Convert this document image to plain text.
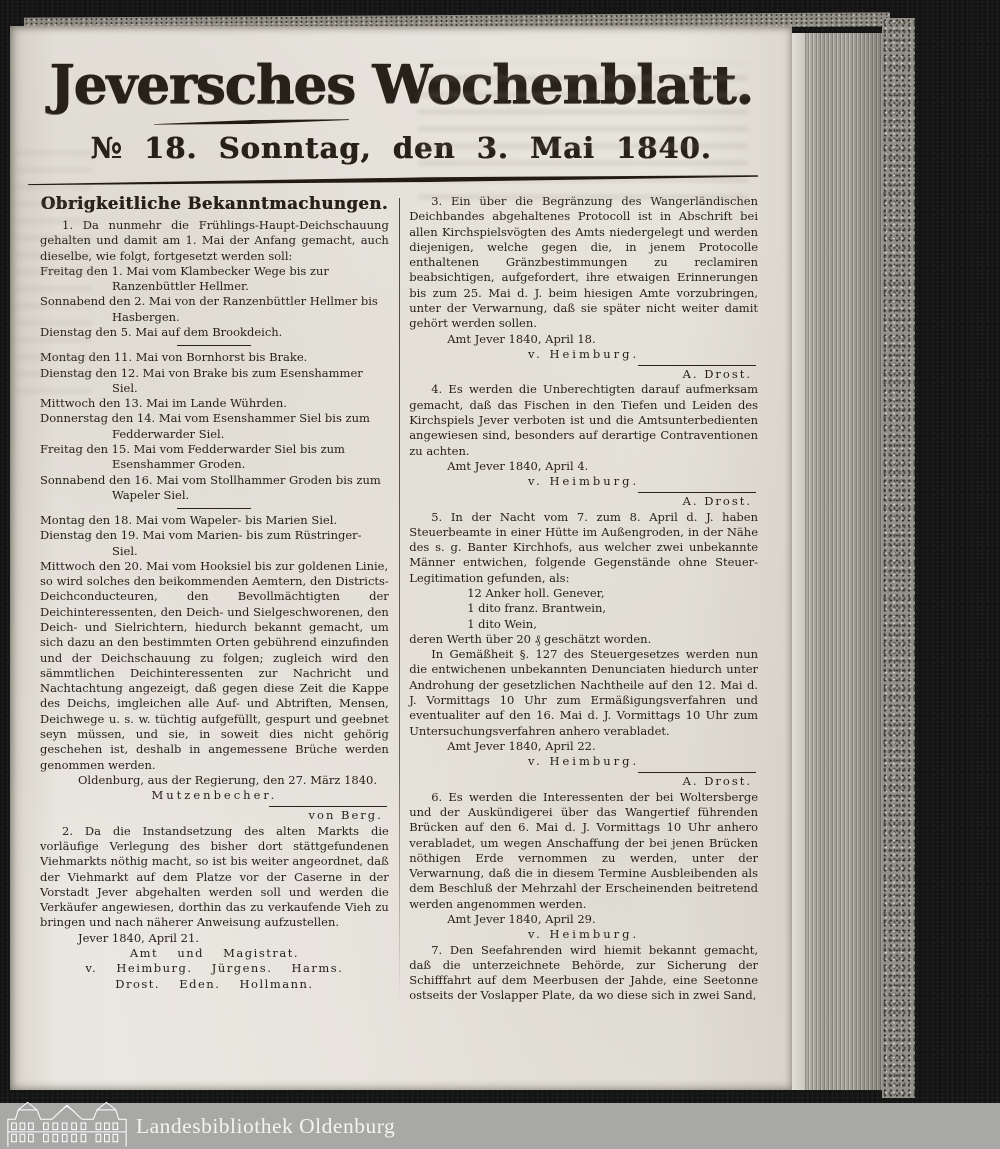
Jeversches Wochenblatt.
№ 18. Sonntag, den 3. Mai 1840.
Obrigkeitliche Bekanntmachungen.

1. Da nunmehr die Frühlings-Haupt-Deichschauung gehalten und damit am 1. Mai der Anfang gemacht, auch dieselbe, wie folgt, fortgesetzt werden soll:

Freitag den 1. Mai vom Klambecker Wege bis zur Ranzenbüttler Hellmer.

Sonnabend den 2. Mai von der Ranzenbüttler Hellmer bis Hasbergen.

Dienstag den 5. Mai auf dem Brookdeich.

Montag den 11. Mai von Bornhorst bis Brake.

Dienstag den 12. Mai von Brake bis zum Esenshammer Siel.

Mittwoch den 13. Mai im Lande Wührden.

Donnerstag den 14. Mai vom Esenshammer Siel bis zum Fedderwarder Siel.

Freitag den 15. Mai vom Fedderwarder Siel bis zum Esenshammer Groden.

Sonnabend den 16. Mai vom Stollhammer Groden bis zum Wapeler Siel.

Montag den 18. Mai vom Wapeler- bis Marien Siel.

Dienstag den 19. Mai vom Marien- bis zum Rüstringer- Siel.

Mittwoch den 20. Mai vom Hooksiel bis zur goldenen Linie,

so wird solches den beikommenden Aemtern, den Districts-Deichconducteuren, den Bevollmächtigten der Deichinteressenten, den Deich- und Sielgeschworenen, den Deich- und Sielrichtern, hiedurch bekannt gemacht, um sich dazu an den bestimmten Orten gebührend einzufinden und der Deichschauung zu folgen; zugleich wird den sämmtlichen Deichinteressenten zur Nachricht und Nachtachtung angezeigt, daß gegen diese Zeit die Kappe des Deichs, imgleichen alle Auf- und Abtriften, Mensen, Deichwege u. s. w. tüchtig aufgefüllt, gespurt und geebnet seyn müssen, und sie, in soweit dies nicht gehörig geschehen ist, deshalb in angemessene Brüche werden genommen werden.

Oldenburg, aus der Regierung, den 27. März 1840.

Mutzenbecher.

von Berg.

2. Da die Instandsetzung des alten Markts die vorläufige Verlegung des bisher dort stättgefundenen Viehmarkts nöthig macht, so ist bis weiter angeordnet, daß der Viehmarkt auf dem Platze vor der Caserne in der Vorstadt Jever abgehalten werden soll und werden die Verkäufer angewiesen, dorthin das zu verkaufende Vieh zu bringen und nach näherer Anweisung aufzustellen.

Jever 1840, April 21.

Amt und Magistrat.

v. Heimburg. Jürgens. Harms.

Drost. Eden. Hollmann.

3. Ein über die Begränzung des Wangerländischen Deichbandes abgehaltenes Protocoll ist in Abschrift bei allen Kirchspielsvögten des Amts niedergelegt und werden diejenigen, welche gegen die, in jenem Protocolle enthaltenen Gränzbestimmungen zu reclamiren beabsichtigen, aufgefordert, ihre etwaigen Erinnerungen bis zum 25. Mai d. J. beim hiesigen Amte vorzubringen, unter der Verwarnung, daß sie später nicht weiter damit gehört werden sollen.

Amt Jever 1840, April 18.

v. Heimburg.

A. Drost.

4. Es werden die Unberechtigten darauf aufmerksam gemacht, daß das Fischen in den Tiefen und Leiden des Kirchspiels Jever verboten ist und die Amtsunterbedienten angewiesen sind, besonders auf derartige Contraventionen zu achten.

Amt Jever 1840, April 4.

v. Heimburg.

A. Drost.

5. In der Nacht vom 7. zum 8. April d. J. haben Steuerbeamte in einer Hütte im Außengroden, in der Nähe des s. g. Banter Kirchhofs, aus welcher zwei unbekannte Männer entwichen, folgende Gegenstände ohne Steuer-Legitimation gefunden, als:

12 Anker holl. Genever,

1 dito franz. Brantwein,

1 dito Wein,

deren Werth über 20 ₰ geschätzt worden.

In Gemäßheit §. 127 des Steuergesetzes werden nun die entwichenen unbekannten Denunciaten hiedurch unter Androhung der gesetzlichen Nachtheile auf den 12. Mai d. J. Vormittags 10 Uhr zum Ermäßigungsverfahren und eventualiter auf den 16. Mai d. J. Vormittags 10 Uhr zum Untersuchungsverfahren anhero verabladet.

Amt Jever 1840, April 22.

v. Heimburg.

A. Drost.

6. Es werden die Interessenten der bei Woltersberge und der Auskündigerei über das Wangertief führenden Brücken auf den 6. Mai d. J. Vormittags 10 Uhr anhero verabladet, um wegen Anschaffung der bei jenen Brücken nöthigen Erde vernommen zu werden, unter der Verwarnung, daß die in diesem Termine Ausbleibenden als dem Beschluß der Mehrzahl der Erscheinenden beitretend werden angenommen werden.

Amt Jever 1840, April 29.

v. Heimburg.

7. Den Seefahrenden wird hiemit bekannt gemacht, daß die unterzeichnete Behörde, zur Sicherung der Schifffahrt auf dem Meerbusen der Jahde, eine Seetonne ostseits der Voslapper Plate, da wo diese sich in zwei Sand,

Landesbibliothek Oldenburg
